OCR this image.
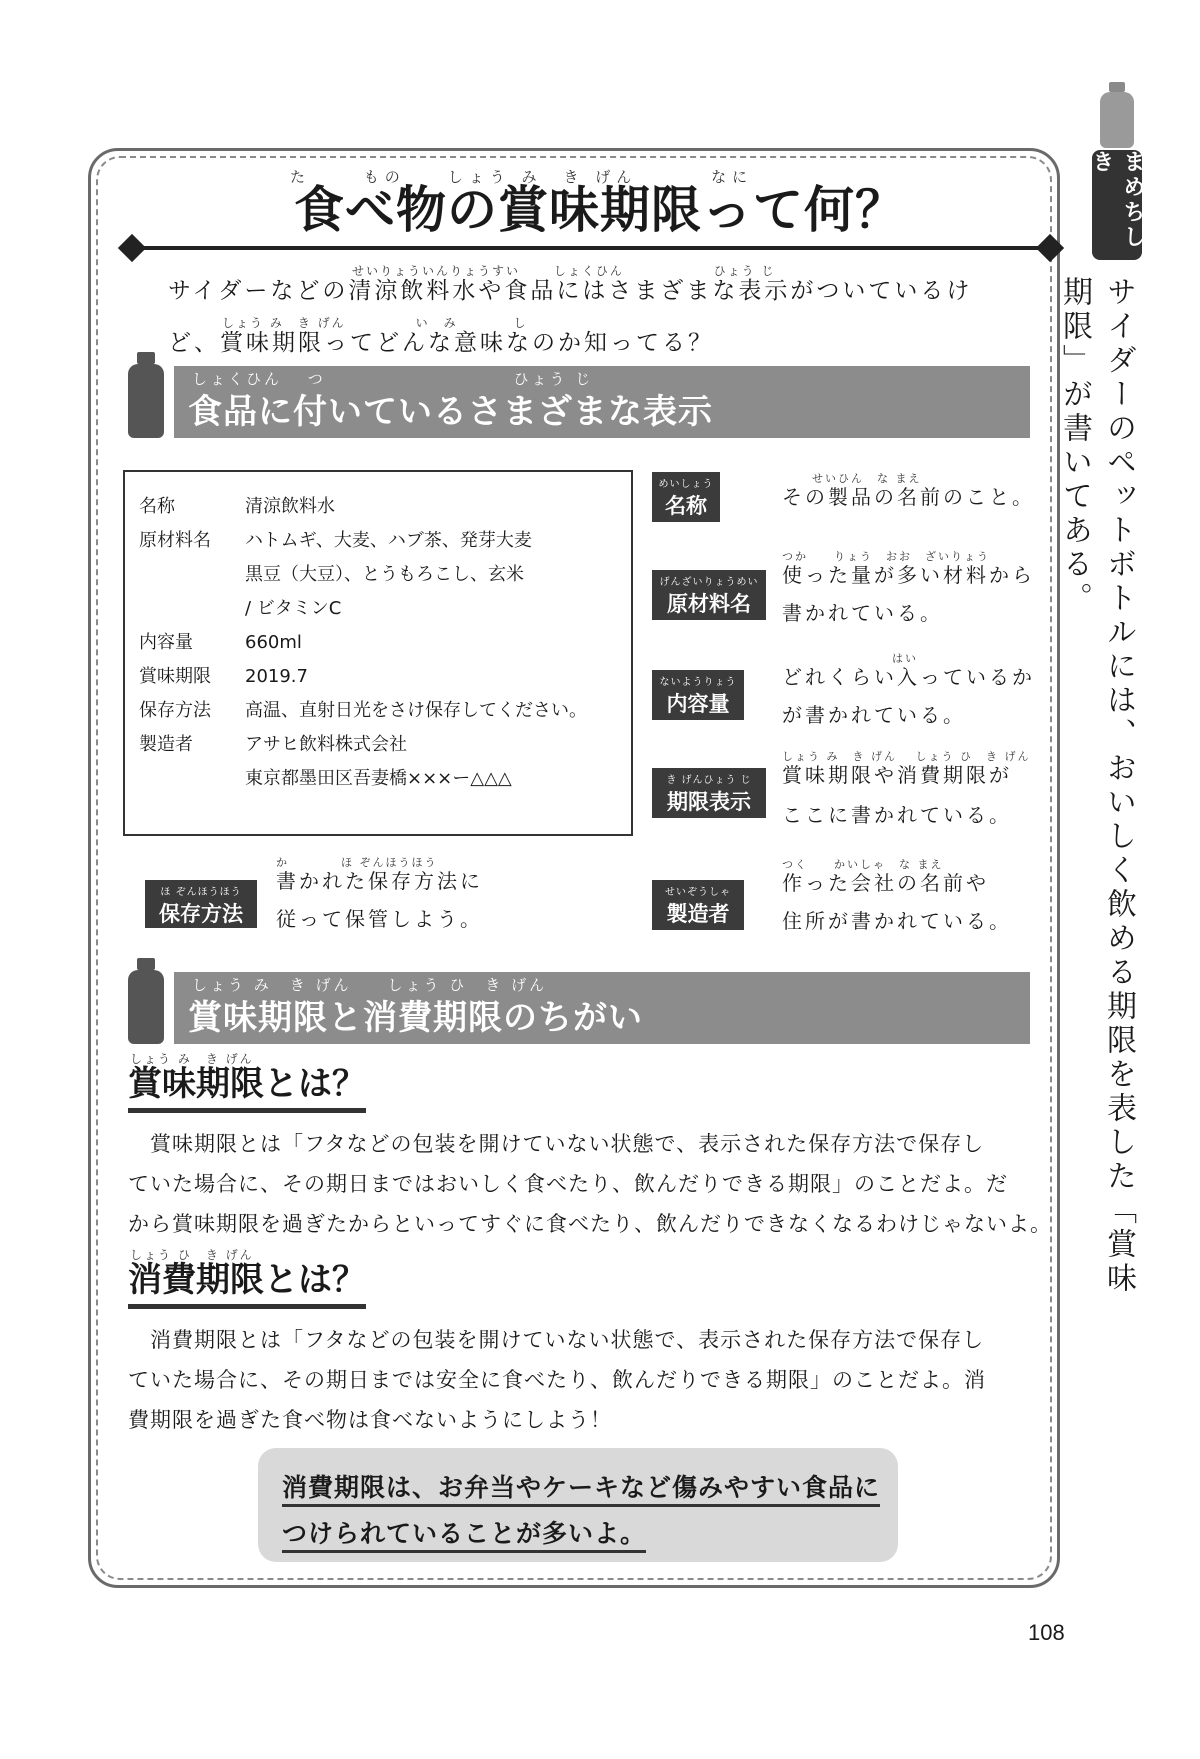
た　　 もの　　しょう み　き げん　　　 なに
食べ物の賞味期限って何？
せいりょういんりょうすい　　 しょくひん　　　　　　 ひょう じ
サイダーなどの清涼飲料水や食品にはさまざまな表示がついているけ
しょう み　き げん　　　　　い　み　　　　し
ど、賞味期限ってどんな意味なのか知ってる？
しょくひん　 つ　　　　　　　　　　 ひょう じ
食品に付いているさまざまな表示
名称	清涼飲料水
原材料名 ハトムギ、大麦、ハブ茶、発芽大麦
黒豆（大豆）、とうもろこし、玄米
/ ビタミンC
内容量	660ml
賞味期限 2019.7
保存方法 高温、直射日光をさけ保存してください。
製造者	アサヒ飲料株式会社
東京都墨田区吾妻橋×××ー△△△
めいしょう
名称
せいひん　な まえ
その製品の名前のこと。
げんざいりょうめい
原材料名
つか　　りょう　おお　ざいりょう
使った量が多い材料から
書かれている。
ないようりょう
内容量
はい
どれくらい入っているか
が書かれている。
き げんひょう じ
期限表示
しょう み　き げん　 しょう ひ　き げん
賞味期限や消費期限が
ここに書かれている。
ほ ぞんほうほう
保存方法
か　　　　ほ ぞんほうほう
書かれた保存方法に
従って保管しよう。
せいぞうしゃ
製造者
つく　　かいしゃ　な まえ
作った会社の名前や
住所が書かれている。
しょう み　き げん　　しょう ひ　き げん
賞味期限と消費期限のちがい
しょう み　き げん
賞味期限とは？
　賞味期限とは「フタなどの包装を開けていない状態で、表示された保存方法で保存し
ていた場合に、その期日まではおいしく食べたり、飲んだりできる期限」のことだよ。だ
から賞味期限を過ぎたからといってすぐに食べたり、飲んだりできなくなるわけじゃないよ。
しょう ひ　き げん
消費期限とは？
　消費期限とは「フタなどの包装を開けていない状態で、表示された保存方法で保存し
ていた場合に、その期日までは安全に食べたり、飲んだりできる期限」のことだよ。消
費期限を過ぎた食べ物は食べないようにしよう！
消費期限は、お弁当やケーキなど傷みやすい食品に
つけられていることが多いよ。
108
まめちしき
サイダーのペットボトルには、おいしく飲める期限を表した「賞味期限」が書いてある。
